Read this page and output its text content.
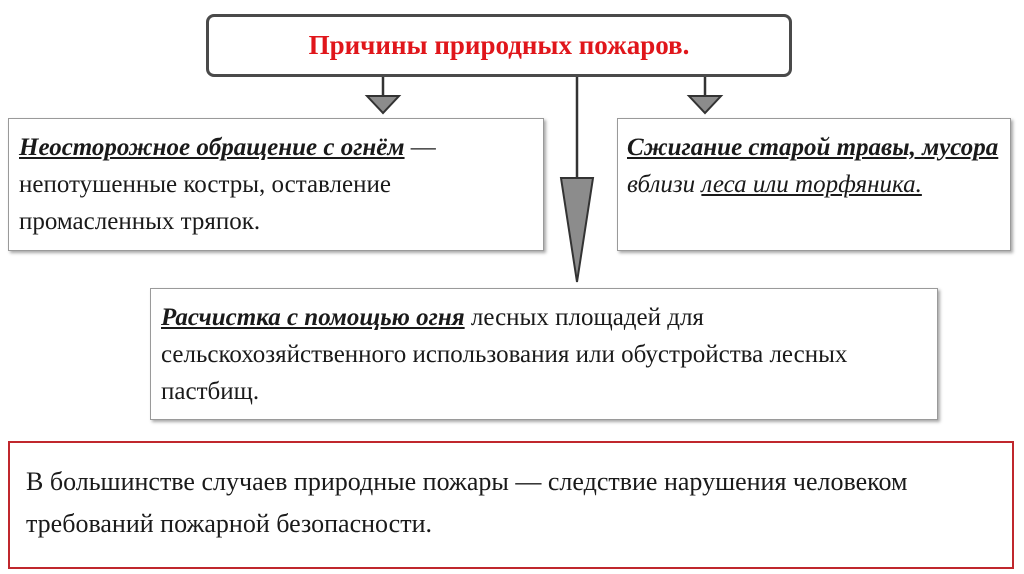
Причины природных пожаров.
Неосторожное обращение с огнём — непотушенные костры, оставление промасленных тряпок.
Сжигание старой травы, мусора вблизи леса или торфяника.
Расчистка с помощью огня лесных площадей для сельскохозяйственного использования или обустройства лесных пастбищ.
В большинстве случаев природные пожары — следствие нарушения человеком требований пожарной безопасности.
